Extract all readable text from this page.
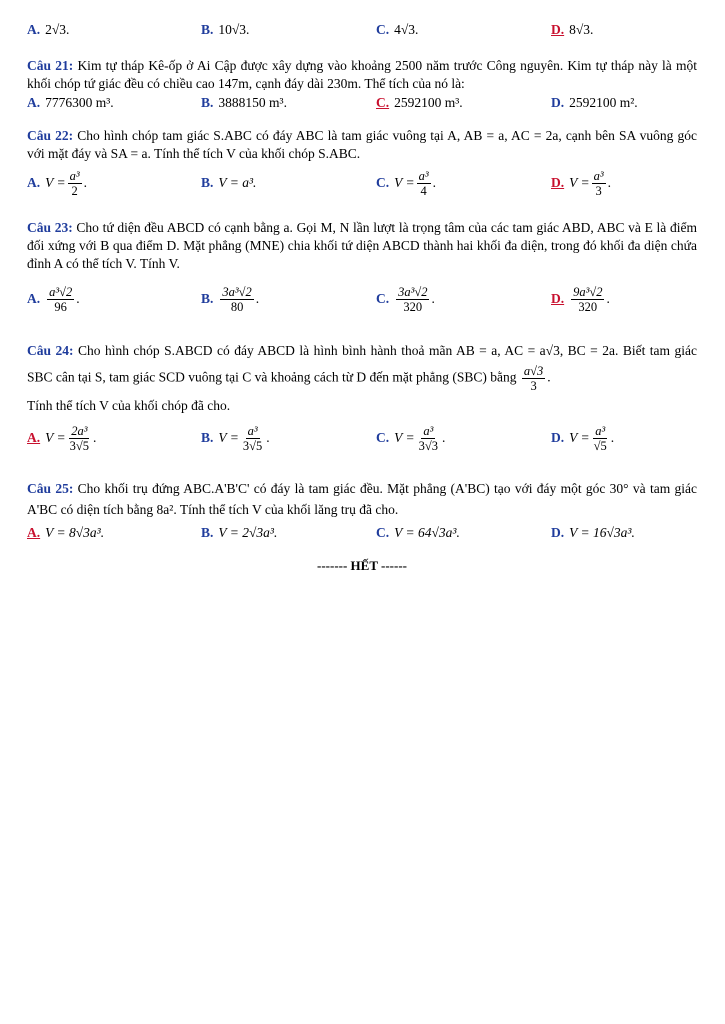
A. 2√3.	B. 10√3.	C. 4√3.	D. 8√3.
Câu 21: Kim tự tháp Kê-ốp ở Ai Cập được xây dựng vào khoảng 2500 năm trước Công nguyên. Kim tự tháp này là một khối chóp tứ giác đều có chiều cao 147m, cạnh đáy dài 230m. Thể tích của nó là:
A. 7776300 m³.	B. 3888150 m³.	C. 2592100 m³.	D. 2592100 m².
Câu 22: Cho hình chóp tam giác S.ABC có đáy ABC là tam giác vuông tại A, AB = a, AC = 2a, cạnh bên SA vuông góc với mặt đáy và SA = a. Tính thể tích V của khối chóp S.ABC.
A. $V = \frac{\text{a³}}{2}$ .	B. V = a³.	C. $V = \frac{\text{a³}}{4}$ .	D. $V = \frac{\text{a³}}{3}$ .
Câu 23: Cho tứ diện đều ABCD có cạnh bằng a. Gọi M, N lần lượt là trọng tâm của các tam giác ABD, ABC và E là điểm đối xứng với B qua điểm D. Mặt phẳng (MNE) chia khối tứ diện ABCD thành hai khối đa diện, trong đó khối đa diện chứa đỉnh A có thể tích V. Tính V.
A. $\frac{\text{a³√2}}{96}$ .	B. $\frac{\text{3a³√2}}{80}$ .	C. $\frac{\text{3a³√2}}{320}$ .	D. $\frac{\text{9a³√2}}{320}$ .
Câu 24: Cho hình chóp S.ABCD có đáy ABCD là hình bình hành thoả mãn AB = a, AC = a√3, BC = 2a. Biết tam giác SBC cân tại S, tam giác SCD vuông tại C và khoảng cách từ D đến mặt phẳng (SBC) bằng $\frac{a√3}{3}$ .
Tính thể tích V của khối chóp đã cho.
A. $V = \frac{\text{2a³}}{3√5}$ .	B. $V = \frac{\text{a³}}{3√5}$ .	C. $V = \frac{\text{a³}}{3√3}$ .	D. $V = \frac{\text{a³}}{√5}$ .
Câu 25: Cho khối trụ đứng ABC.A'B'C' có đáy là tam giác đều. Mặt phẳng (A'BC) tạo với đáy một góc 30° và tam giác A'BC có diện tích bằng 8a². Tính thể tích V của khối lăng trụ đã cho.
A. V = 8√3a³.	B. V = 2√3a³.	C. V = 64√3a³.	D. V = 16√3a³.
------- HẾT ------
